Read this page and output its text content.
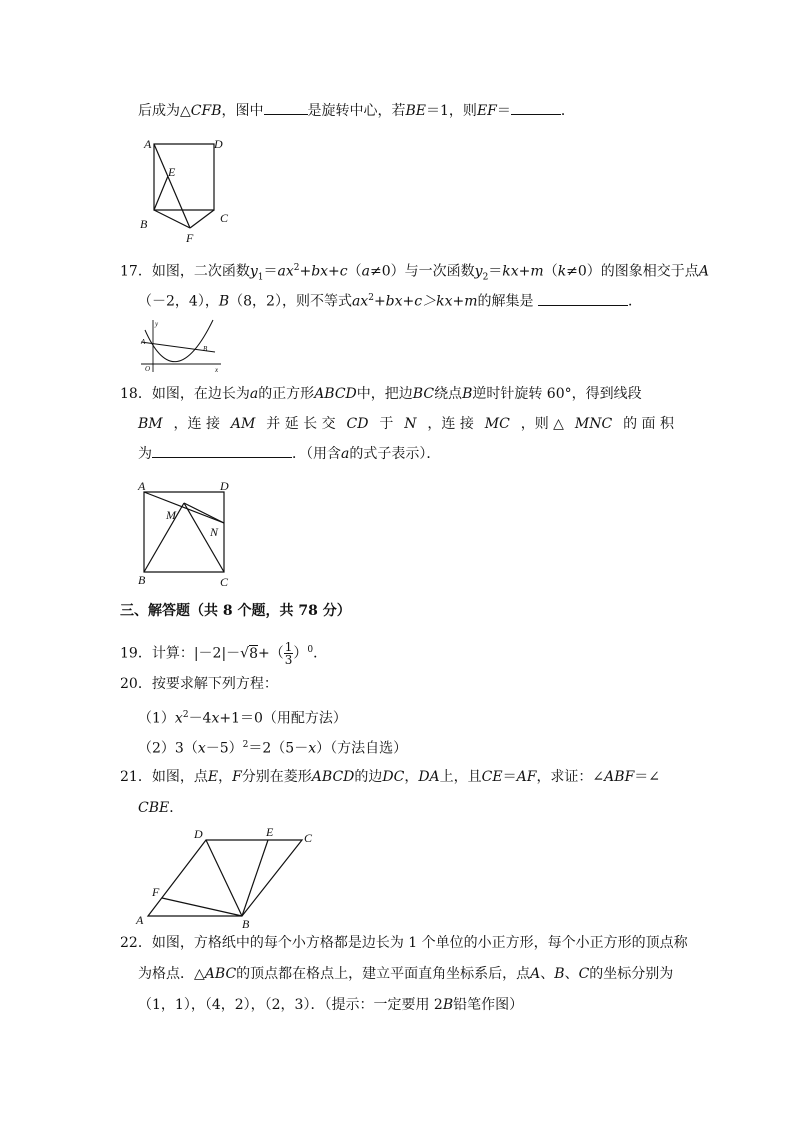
后成为△CFB，图中	是旋转中心，若BE＝1，则EF＝	．
A	D
E
B	C
F
17．如图，二次函数$y_1=ax^2+bx+c(a\ne 0)$与一次函数$y_2=kx+m(k\ne 0)$的图象相交于点A
（－2，4），B（8，2），则不等式$ax^2+bx+c>kx+m$的解集是	．
y
A
B
O	x
18．如图，在边长为a的正方形ABCD中，把边BC绕点B逆时针旋转 60°，得到线段
BM ，连 接 AM 并 延 长 交 CD 于 N ，连 接 MC ，则 △ MNC 的 面 积
为	．（用含a的式子表示）．
A	D
M
N
B	C
三、解答题（共 8 个题，共 78 分）
19．计算：$|-2|-√8+( \frac{1}{3} )^0$．
20．按要求解下列方程：
$(1)x^2-4x+1=0$（用配方法）
$(2)3(x-5)^2=2(5-x)$（方法自选）
21．如图，点E，F分别在菱形ABCD的边DC，DA上，且CE＝AF，求证：∠ABF＝∠
CBE．
D	E	C
F
A	B
22．如图，方格纸中的每个小方格都是边长为 1 个单位的小正方形，每个小正方形的顶点称
为格点．△ABC的顶点都在格点上，建立平面直角坐标系后，点A、B、C的坐标分别为
（1，1），（4，2），（2，3）．（提示：一定要用 2B铅笔作图）
